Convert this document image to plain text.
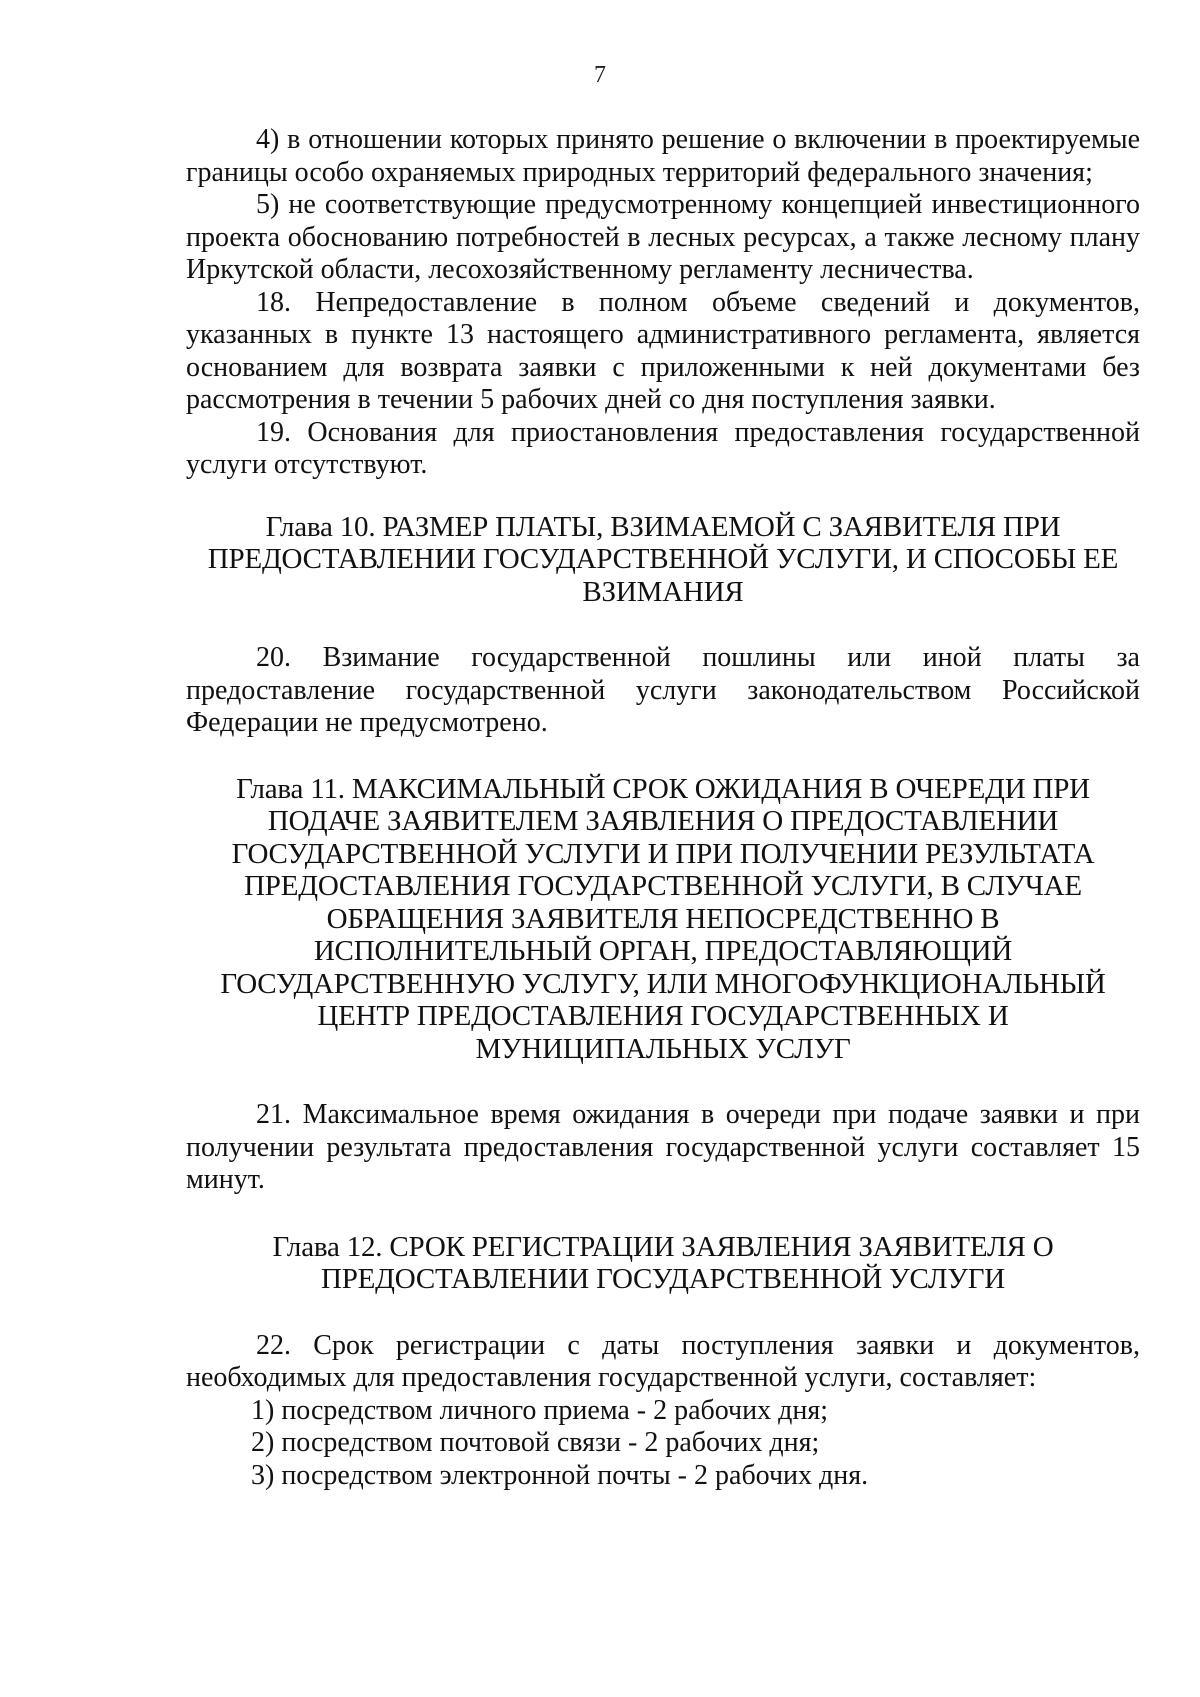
7

4) в отношении которых принято решение о включении в проектируемые границы особо охраняемых природных территорий федерального значения;

5) не соответствующие предусмотренному концепцией инвестиционного проекта обоснованию потребностей в лесных ресурсах, а также лесному плану Иркутской области, лесохозяйственному регламенту лесничества.

18. Непредоставление в полном объеме сведений и документов, указанных в пункте 13 настоящего административного регламента, является основанием для возврата заявки с приложенными к ней документами без рассмотрения в течении 5 рабочих дней со дня поступления заявки.

19. Основания для приостановления предоставления государственной услуги отсутствуют.

Глава 10. РАЗМЕР ПЛАТЫ, ВЗИМАЕМОЙ С ЗАЯВИТЕЛЯ ПРИ
ПРЕДОСТАВЛЕНИИ ГОСУДАРСТВЕННОЙ УСЛУГИ, И СПОСОБЫ ЕЕ
ВЗИМАНИЯ

20. Взимание государственной пошлины или иной платы за предоставление государственной услуги законодательством Российской Федерации не предусмотрено.

Глава 11. МАКСИМАЛЬНЫЙ СРОК ОЖИДАНИЯ В ОЧЕРЕДИ ПРИ
ПОДАЧЕ ЗАЯВИТЕЛЕМ ЗАЯВЛЕНИЯ О ПРЕДОСТАВЛЕНИИ
ГОСУДАРСТВЕННОЙ УСЛУГИ И ПРИ ПОЛУЧЕНИИ РЕЗУЛЬТАТА
ПРЕДОСТАВЛЕНИЯ ГОСУДАРСТВЕННОЙ УСЛУГИ, В СЛУЧАЕ
ОБРАЩЕНИЯ ЗАЯВИТЕЛЯ НЕПОСРЕДСТВЕННО В
ИСПОЛНИТЕЛЬНЫЙ ОРГАН, ПРЕДОСТАВЛЯЮЩИЙ
ГОСУДАРСТВЕННУЮ УСЛУГУ, ИЛИ МНОГОФУНКЦИОНАЛЬНЫЙ
ЦЕНТР ПРЕДОСТАВЛЕНИЯ ГОСУДАРСТВЕННЫХ И
МУНИЦИПАЛЬНЫХ УСЛУГ

21. Максимальное время ожидания в очереди при подаче заявки и при получении результата предоставления государственной услуги составляет 15 минут.

Глава 12. СРОК РЕГИСТРАЦИИ ЗАЯВЛЕНИЯ ЗАЯВИТЕЛЯ О
ПРЕДОСТАВЛЕНИИ ГОСУДАРСТВЕННОЙ УСЛУГИ

22. Срок регистрации с даты поступления заявки и документов, необходимых для предоставления государственной услуги, составляет:

1) посредством личного приема - 2 рабочих дня;

2) посредством почтовой связи - 2 рабочих дня;

3) посредством электронной почты - 2 рабочих дня.
